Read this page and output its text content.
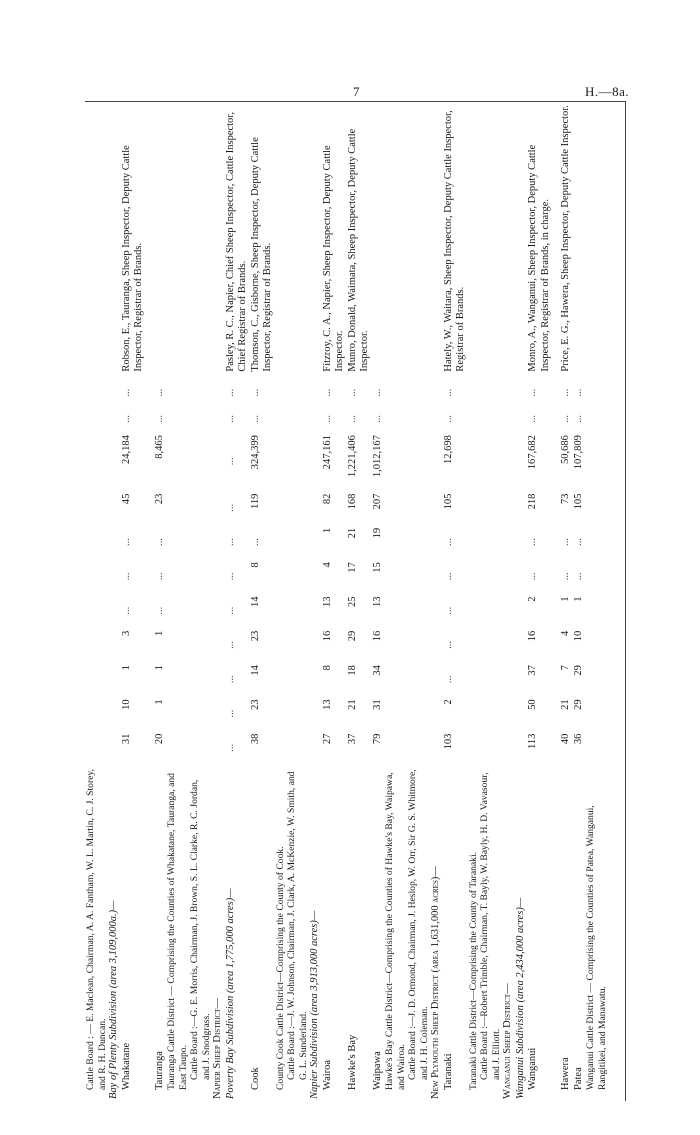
7	H.—8a.
Cattle Board : — E. Maclean, Chairman, A. A. Fantham, W. L. Martin, C. J. Storey, and R. H. Duncan.												
Bay of Plenty Subdivision (area 3,109,000a.)—												
Whakatane	31	10	1	3	...	...	...	45	24,184	...	...	Robson, E., Tauranga, Sheep Inspector, Deputy Cattle Inspector, Registrar of Brands.

Tauranga	20	1	1	1	...	...	...	23	8,465	...	...	
Tauranga Cattle District — Comprising the Counties of Whakatane, Tauranga, and East Taupo.												
Cattle Board :—G. E. Morris, Chairman, J. Brown, S. L. Clarke, R. C. Jordan, and J. Snodgrass.												
Napier Sheep District—												
Poverty Bay Subdivision (area 1,775,000 acres)—	...	...	...	...	...	...	...	...	...	...	...	Pasley, R. C., Napier, Chief Sheep Inspector, Cattle Inspector, Chief Registrar of Brands.
Cook	38	23	14	23	14	8	...	119	324,399	...	...	Thomson, C., Gisborne, Sheep Inspector, Deputy Cattle Inspector, Registrar of Brands.
County Cook Cattle District—Comprising the County of Cook.												
Cattle Board :—J. W. Johnson, Chairman, J. Clark, A. McKenzie, W. Smith, and G. L. Sunderland.												
Napier Subdivision (area 3,913,000 acres)—												
Wairoa	27	13	8	16	13	4	1	82	247,161	...	...	Fitzroy, C. A., Napier, Sheep Inspector, Deputy Cattle Inspector.
Hawke's Bay	37	21	18	29	25	17	21	168	1,221,406	...	...	Munro, Donald, Waimata, Sheep Inspector, Deputy Cattle Inspector.
Waipawa	79	31	34	16	13	15	19	207	1,012,167	...	...	
Hawke's Bay Cattle District—Comprising the Counties of Hawke's Bay, Waipawa, and Wairoa.												
Cattle Board :—J. D. Ormond, Chairman, J. Heslop, W. Orr, Sir G. S. Whitmore, and J. H. Coleman.												
New Plymouth Sheep District (area 1,631,000 acres)—												
Taranaki	103	2	...	...	...	...	...	105	12,698	...	...	Hately, W., Waitara, Sheep Inspector, Deputy Cattle Inspector, Registrar of Brands.
Taranaki Cattle District—Comprising the County of Taranaki.												
Cattle Board :—Robert Trimble, Chairman, T. Bayly, W. Bayly, H. D. Vavasour, and J. Elliott.												
Wanganui Sheep District—												
Wanganui Subdivision (area 2,434,000 acres)—												
Wanganui	113	50	37	16	2	...	...	218	167,682	...	...	Monro, A., Wanganui, Sheep Inspector, Deputy Cattle Inspector, Registrar of Brands, in charge.

Hawera	40	21	7	4	1	...	...	73	50,686	...	...	Price, E. G., Hawera, Sheep Inspector, Deputy Cattle Inspector.
Patea	36	29	29	10	1	...	...	105	107,809	...	...	
Wanganui Cattle District — Comprising the Counties of Patea, Wanganui, Rangitikei, and Manawatu.												
